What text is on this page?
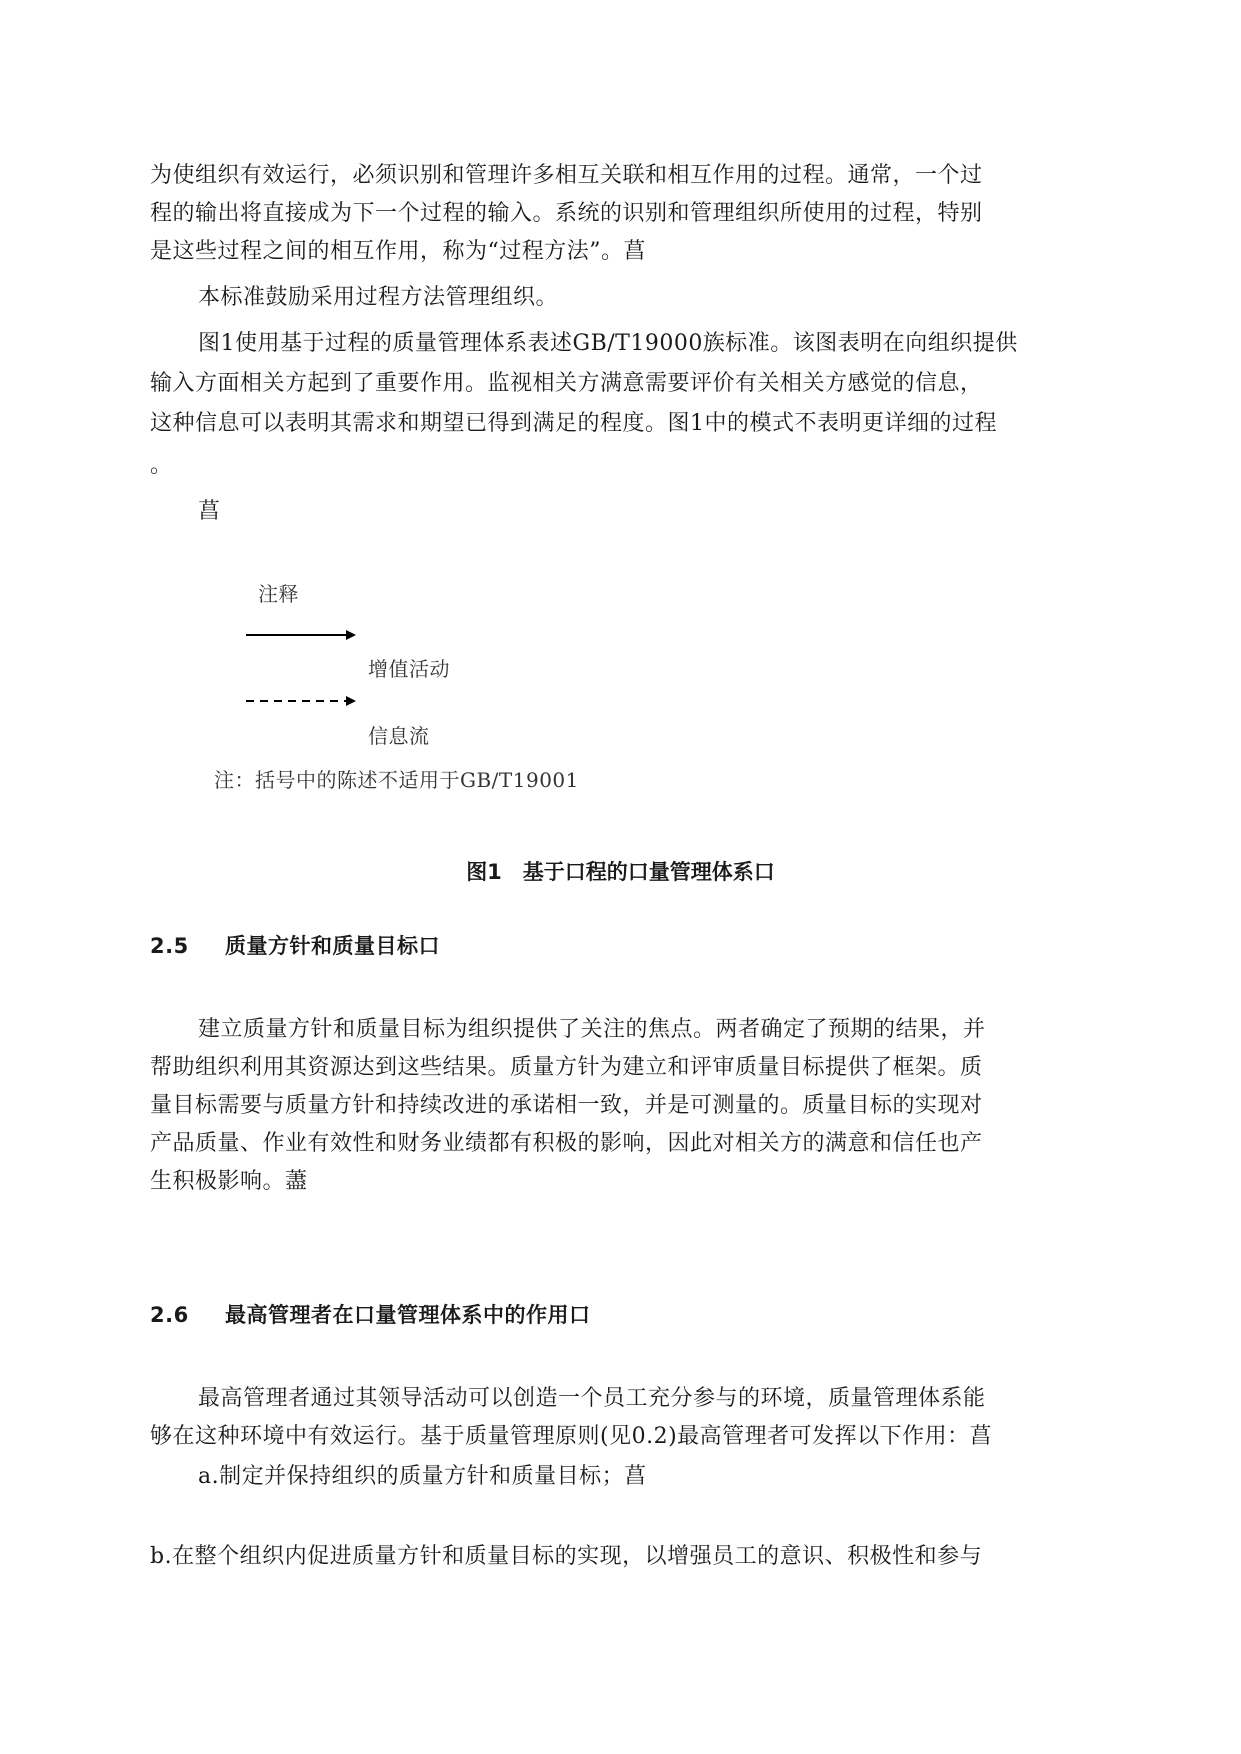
为使组织有效运行，必须识别和管理许多相互关联和相互作用的过程。通常，一个过
程的输出将直接成为下一个过程的输入。系统的识别和管理组织所使用的过程，特别
是这些过程之间的相互作用，称为“过程方法”。菖
本标准鼓励采用过程方法管理组织。
图1使用基于过程的质量管理体系表述GB/T19000族标准。该图表明在向组织提供
输入方面相关方起到了重要作用。监视相关方满意需要评价有关相关方感觉的信息，
这种信息可以表明其需求和期望已得到满足的程度。图1中的模式不表明更详细的过程
。
菖
注释
增值活动
信息流
注：括号中的陈述不适用于GB/T19001
图1　基于口程的口量管理体系口
2.5 质量方针和质量目标口
建立质量方针和质量目标为组织提供了关注的焦点。两者确定了预期的结果，并
帮助组织利用其资源达到这些结果。质量方针为建立和评审质量目标提供了框架。质
量目标需要与质量方针和持续改进的承诺相一致，并是可测量的。质量目标的实现对
产品质量、作业有效性和财务业绩都有积极的影响，因此对相关方的满意和信任也产
生积极影响。藎
2.6 最高管理者在口量管理体系中的作用口
最高管理者通过其领导活动可以创造一个员工充分参与的环境，质量管理体系能
够在这种环境中有效运行。基于质量管理原则(见0.2)最高管理者可发挥以下作用：菖
a.制定并保持组织的质量方针和质量目标；菖
b.在整个组织内促进质量方针和质量目标的实现，以增强员工的意识、积极性和参与
